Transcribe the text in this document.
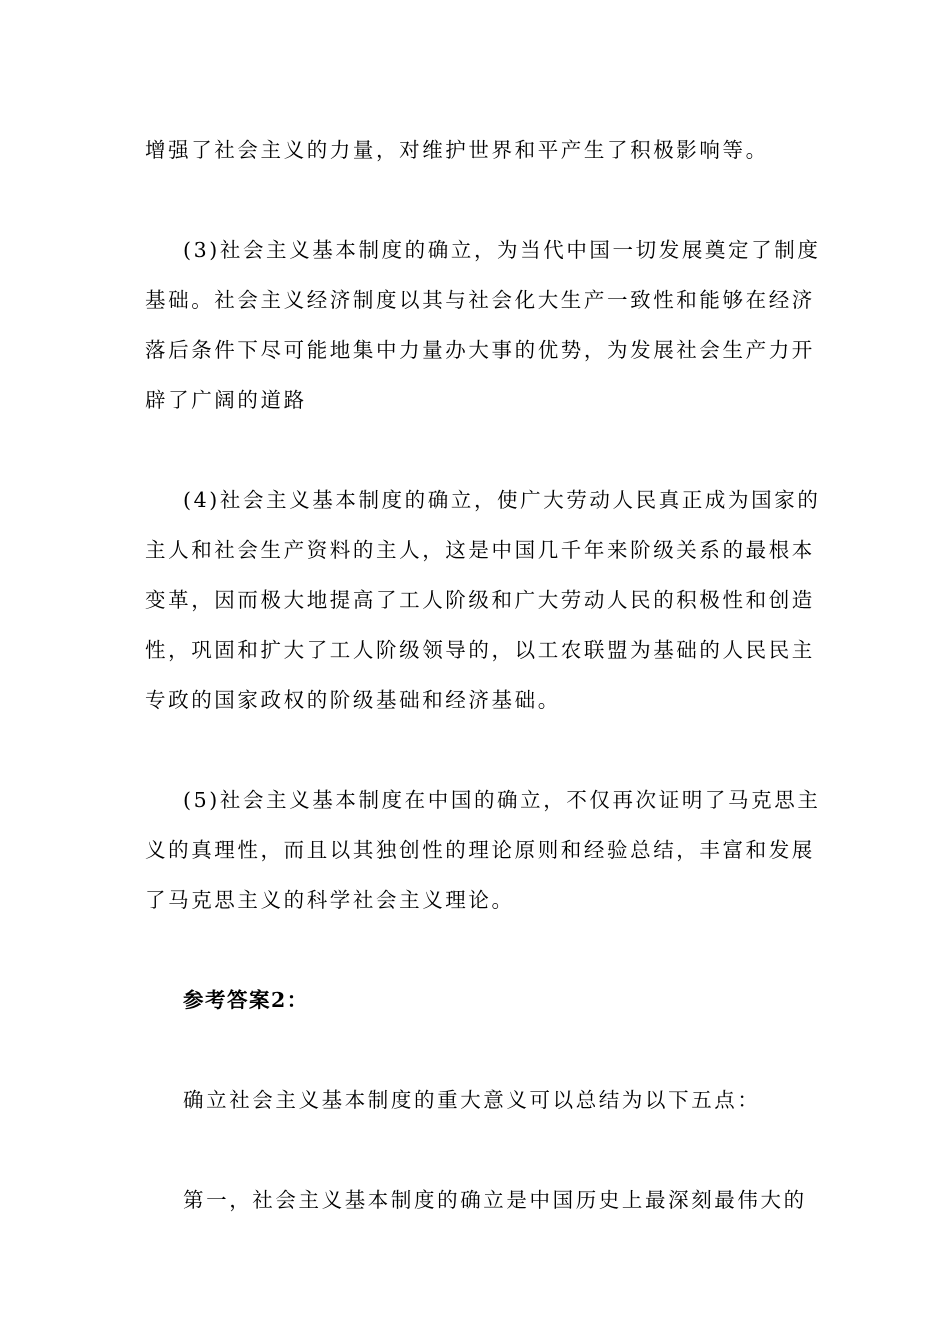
增强了社会主义的力量，对维护世界和平产生了积极影响等。
(3)社会主义基本制度的确立，为当代中国一切发展奠定了制度
基础。社会主义经济制度以其与社会化大生产一致性和能够在经济
落后条件下尽可能地集中力量办大事的优势，为发展社会生产力开
辟了广阔的道路
(4)社会主义基本制度的确立，使广大劳动人民真正成为国家的
主人和社会生产资料的主人，这是中国几千年来阶级关系的最根本
变革，因而极大地提高了工人阶级和广大劳动人民的积极性和创造
性，巩固和扩大了工人阶级领导的，以工农联盟为基础的人民民主
专政的国家政权的阶级基础和经济基础。
(5)社会主义基本制度在中国的确立，不仅再次证明了马克思主
义的真理性，而且以其独创性的理论原则和经验总结，丰富和发展
了马克思主义的科学社会主义理论。
参考答案2：
确立社会主义基本制度的重大意义可以总结为以下五点：
第一，社会主义基本制度的确立是中国历史上最深刻最伟大的
